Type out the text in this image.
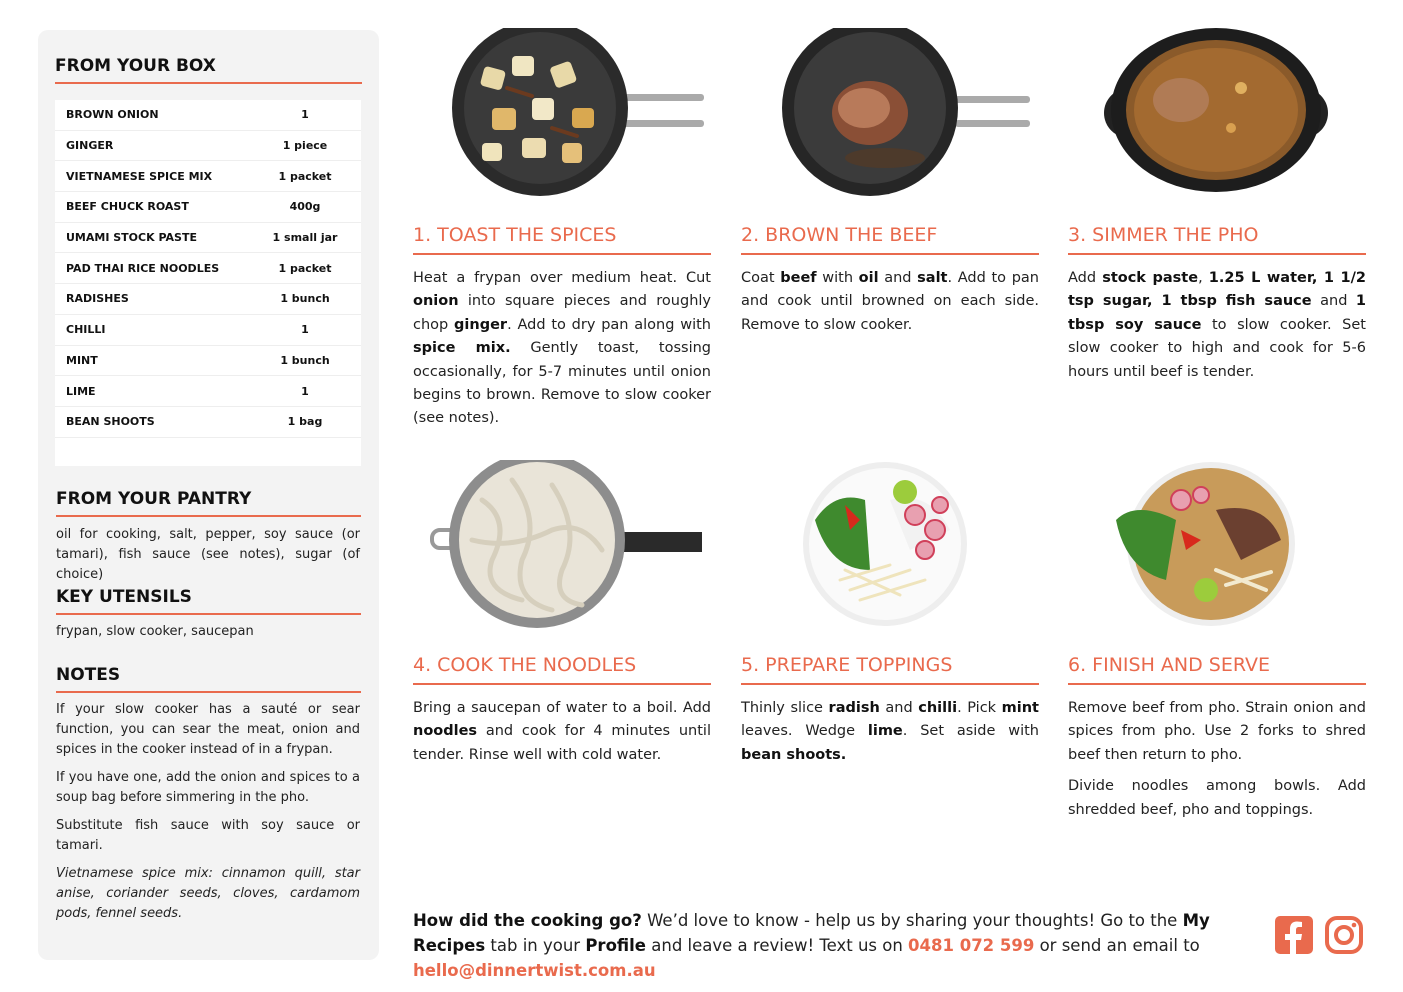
FROM YOUR BOX
BROWN ONION	1
GINGER	1 piece
VIETNAMESE SPICE MIX	1 packet
BEEF CHUCK ROAST	400g
UMAMI STOCK PASTE	1 small jar
PAD THAI RICE NOODLES	1 packet
RADISHES	1 bunch
CHILLI	1
MINT	1 bunch
LIME	1
BEAN SHOOTS	1 bag
FROM YOUR PANTRY
oil for cooking, salt, pepper, soy sauce (or tamari), fish sauce (see notes), sugar (of choice)
KEY UTENSILS
frypan, slow cooker, saucepan
NOTES

If your slow cooker has a sauté or sear function, you can sear the meat, onion and spices in the cooker instead of in a frypan.

If you have one, add the onion and spices to a soup bag before simmering in the pho.

Substitute fish sauce with soy sauce or tamari.

Vietnamese spice mix: cinnamon quill, star anise, coriander seeds, cloves, cardamom pods, fennel seeds.

1. TOAST THE SPICES

Heat a frypan over medium heat. Cut onion into square pieces and roughly chop ginger. Add to dry pan along with spice mix. Gently toast, tossing occasionally, for 5-7 minutes until onion begins to brown. Remove to slow cooker (see notes).

2. BROWN THE BEEF

Coat beef with oil and salt. Add to pan and cook until browned on each side. Remove to slow cooker.

3. SIMMER THE PHO

Add stock paste, 1.25 L water, 1 1/2 tsp sugar, 1 tbsp fish sauce and 1 tbsp soy sauce to slow cooker. Set slow cooker to high and cook for 5-6 hours until beef is tender.

4. COOK THE NOODLES

Bring a saucepan of water to a boil. Add noodles and cook for 4 minutes until tender. Rinse well with cold water.

5. PREPARE TOPPINGS

Thinly slice radish and chilli. Pick mint leaves. Wedge lime. Set aside with bean shoots.

6. FINISH AND SERVE

Remove beef from pho. Strain onion and spices from pho. Use 2 forks to shred beef then return to pho.

Divide noodles among bowls. Add shredded beef, pho and toppings.

How did the cooking go? We’d love to know - help us by sharing your thoughts! Go to the My Recipes tab in your Profile and leave a review! Text us on 0481 072 599 or send an email to hello@dinnertwist.com.au
